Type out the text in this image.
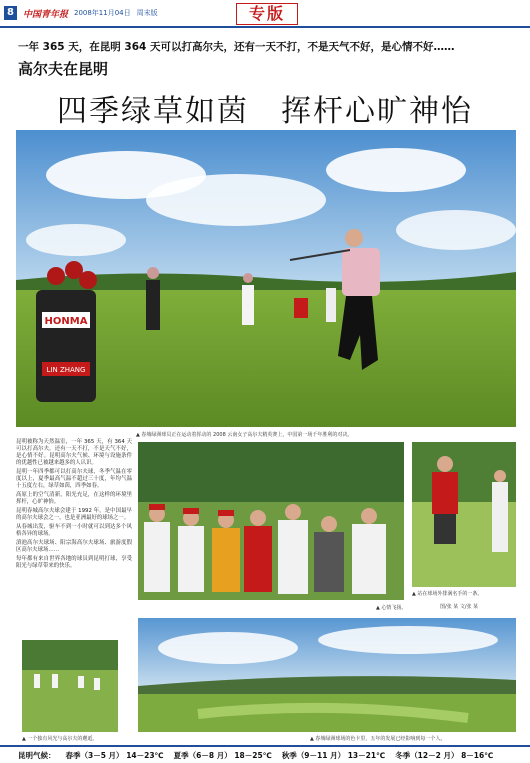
8	中国青年报 2008年11月04日 周末版	专版
一年 365 天，在昆明 364 天可以打高尔夫，还有一天不打，不是天气不好，是心情不好……
高尔夫在昆明
四季绿草如茵　挥杆心旷神怡
HONMA
LIN ZHANG
▲ 春城绿洲球员正在运动着挥动的 2008 云南女子高尔夫精英赛上，中国第一场千年胜利的对决。

昆明被称为天然温室，一年 365 天，有 364 天可以打高尔夫。还有一天不打，不是天气不好，是心情不好。昆明高尔夫气候、环境与设施条件的优越性已被越来越多的人认识。

昆明一年四季都可以打高尔夫球，冬季气温在零度以上，夏季最高气温不超过三十度，年均气温十五度左右，绿草如茵，四季如春。

高原上的空气清新，阳光充足，在这样的环境里挥杆，心旷神怡。

昆明春城高尔夫球会建于 1992 年，是中国最早的高尔夫球会之一，也是亚洲最好的球场之一。

从春城出发，驱车不到一小时就可以到达多个风格各异的球场。

滇池高尔夫球场、阳宗海高尔夫球场、旅游度假区高尔夫球场……

每年都有来自世界各地的球员到昆明打球，享受阳光与绿草带来的快乐。

▲ 心情飞扬。
▲ 站在球场外排满名手的一条。
图/张 某 文/张 某
▲ 一个独有风光与高尔夫的邂逅。	▲ 春城绿洲球场的色卡里，五年的发展已经影响到每一个人。
昆明气候： 春季（3－5 月） 14－23℃ 夏季（6－8 月） 18－25℃ 秋季（9－11 月） 13－21℃ 冬季（12－2 月） 8－16℃
